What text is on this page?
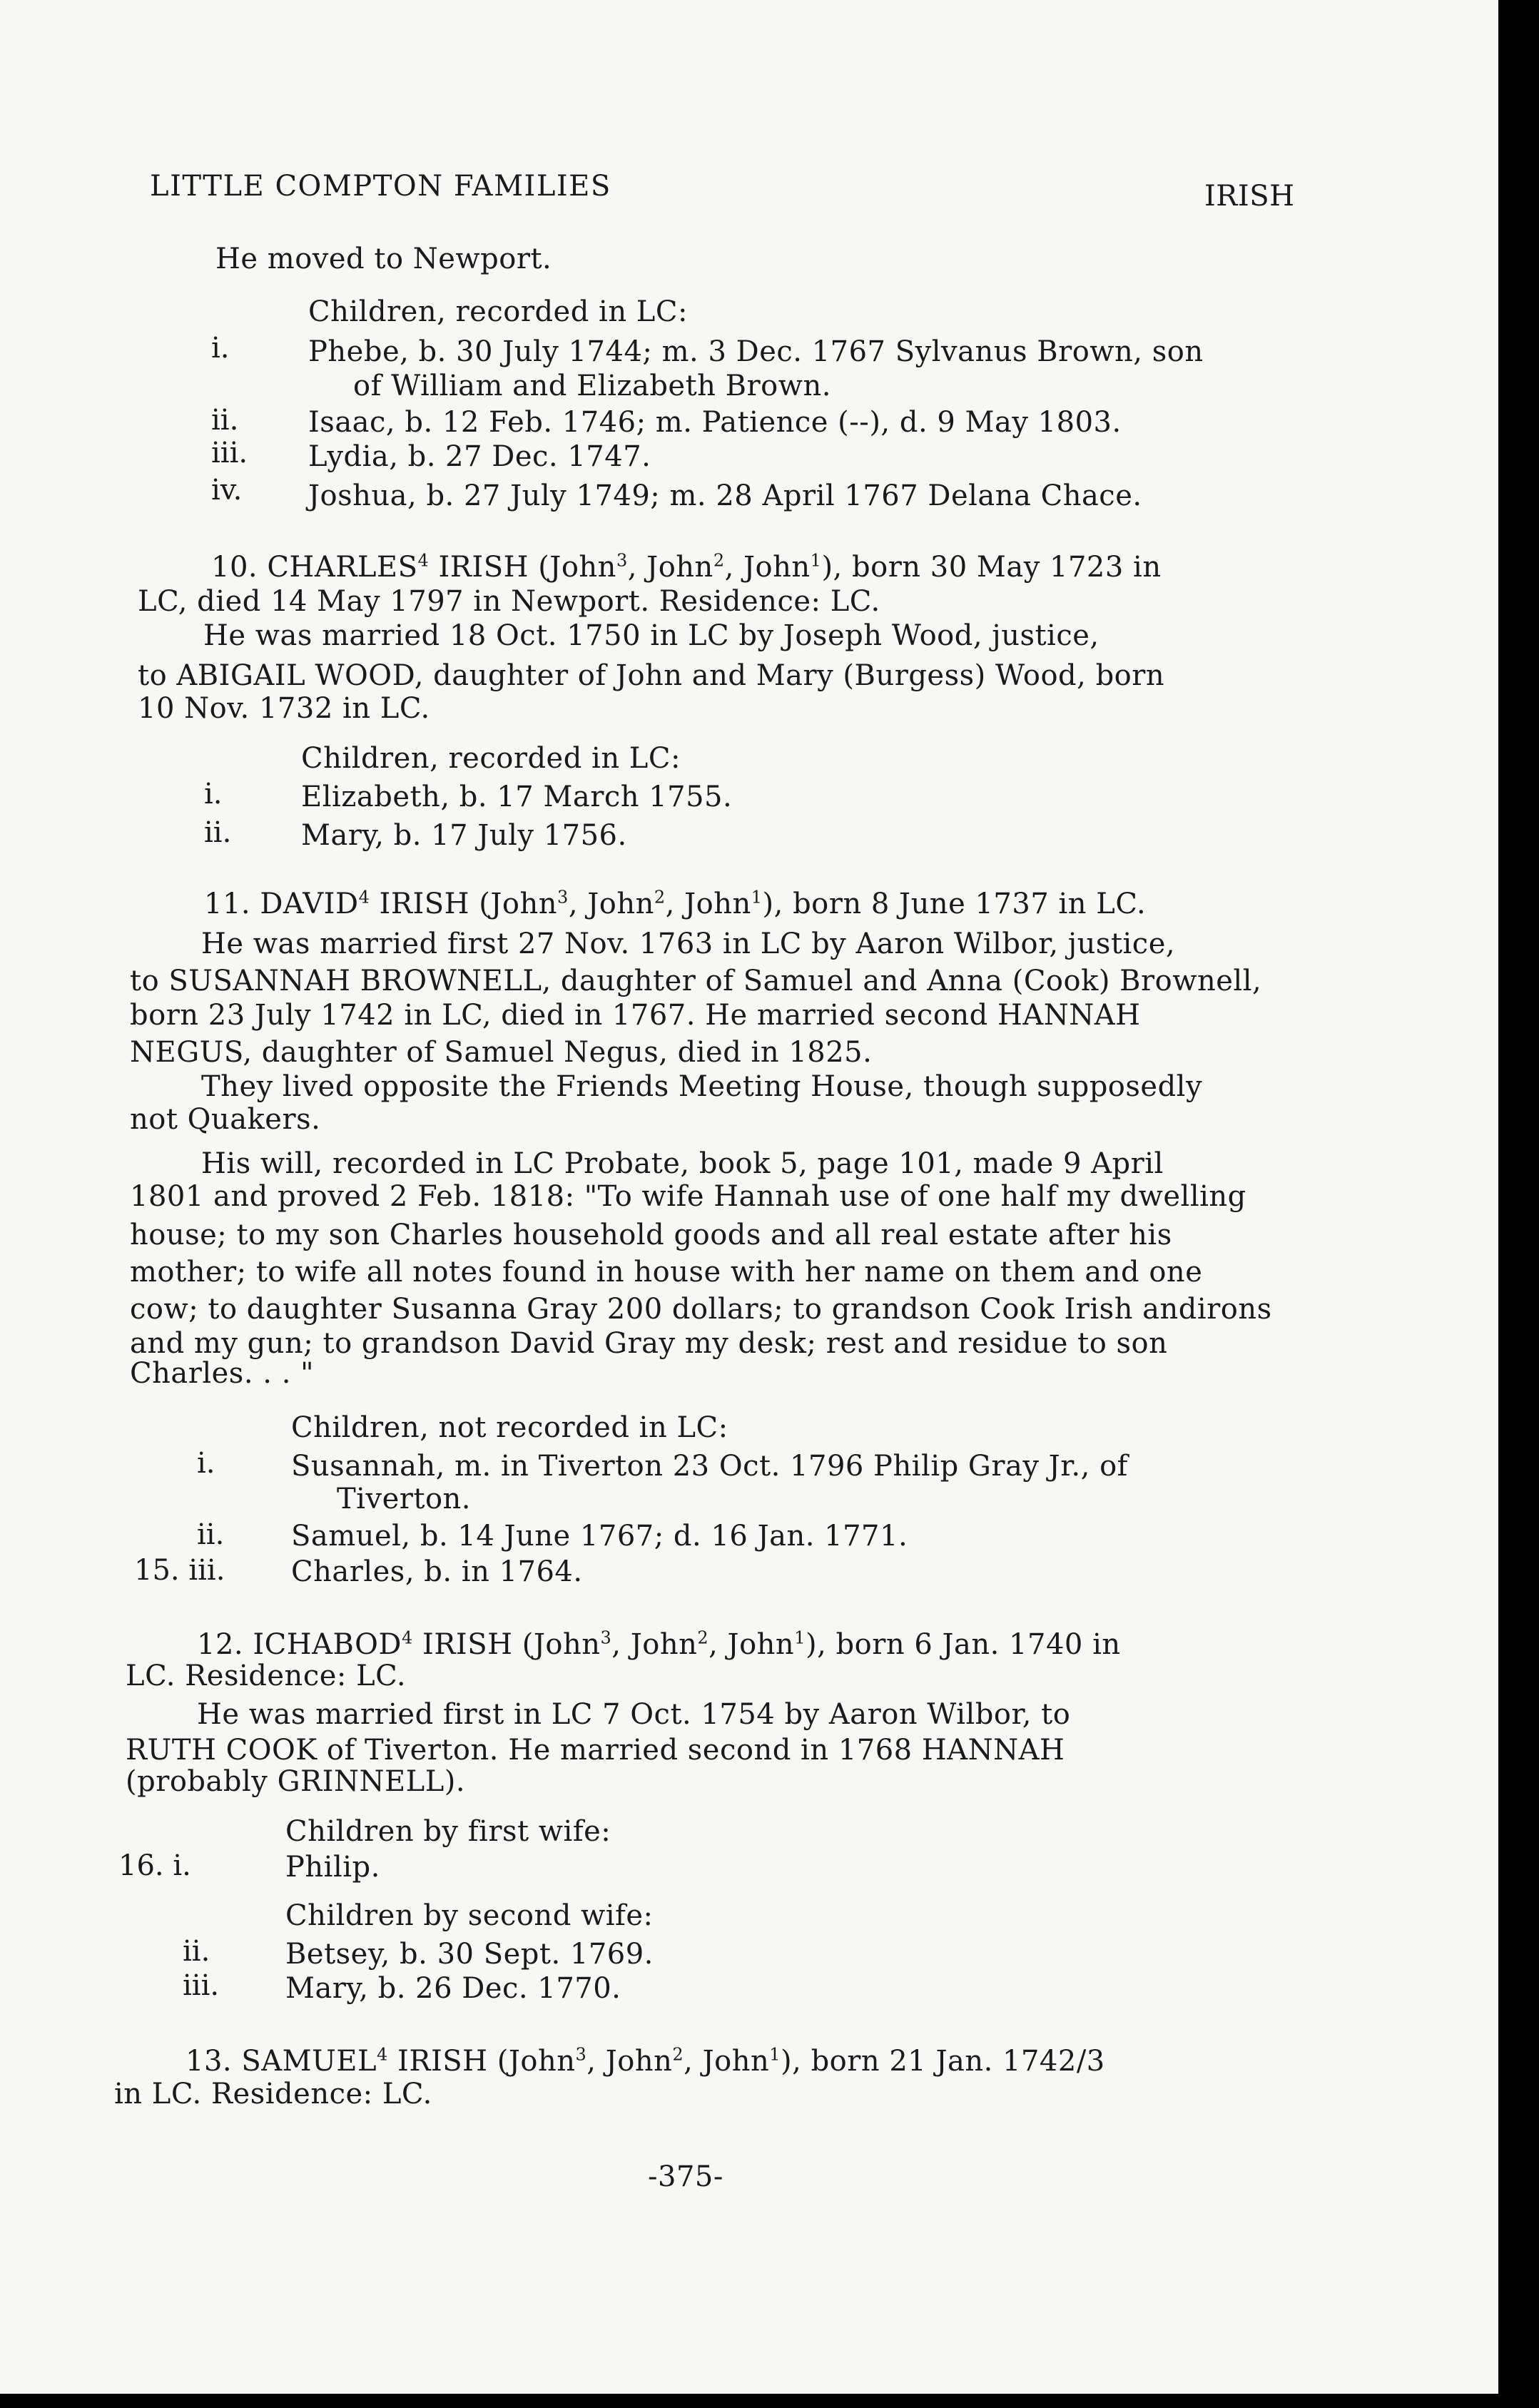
LITTLE COMPTON FAMILIES	IRISH
He moved to Newport.
Children, recorded in LC:
i.	Phebe, b. 30 July 1744; m. 3 Dec. 1767 Sylvanus Brown, son
of William and Elizabeth Brown.
ii. Isaac, b. 12 Feb. 1746; m. Patience (--), d. 9 May 1803.
iii. Lydia, b. 27 Dec. 1747.
iv. Joshua, b. 27 July 1749; m. 28 April 1767 Delana Chace.
10. CHARLES$^4$ IRISH (John$^3$, John$^2$, John$^1$), born 30 May 1723 in
LC, died 14 May 1797 in Newport. Residence: LC.
He was married 18 Oct. 1750 in LC by Joseph Wood, justice,
to ABIGAIL WOOD, daughter of John and Mary (Burgess) Wood, born
10 Nov. 1732 in LC.
Children, recorded in LC:
i.	Elizabeth, b. 17 March 1755.
ii. Mary, b. 17 July 1756.
11. DAVID$^4$ IRISH (John$^3$, John$^2$, John$^1$), born 8 June 1737 in LC.
He was married first 27 Nov. 1763 in LC by Aaron Wilbor, justice,
to SUSANNAH BROWNELL, daughter of Samuel and Anna (Cook) Brownell,
born 23 July 1742 in LC, died in 1767. He married second HANNAH
NEGUS, daughter of Samuel Negus, died in 1825.
They lived opposite the Friends Meeting House, though supposedly
not Quakers.
His will, recorded in LC Probate, book 5, page 101, made 9 April
1801 and proved 2 Feb. 1818: "To wife Hannah use of one half my dwelling
house; to my son Charles household goods and all real estate after his
mother; to wife all notes found in house with her name on them and one
cow; to daughter Susanna Gray 200 dollars; to grandson Cook Irish andirons
and my gun; to grandson David Gray my desk; rest and residue to son
Charles. . . "
Children, not recorded in LC:
i.	Susannah, m. in Tiverton 23 Oct. 1796 Philip Gray Jr., of
Tiverton.
ii. Samuel, b. 14 June 1767; d. 16 Jan. 1771.
15. iii. Charles, b. in 1764.
12. ICHABOD$^4$ IRISH (John$^3$, John$^2$, John$^1$), born 6 Jan. 1740 in
LC. Residence: LC.
He was married first in LC 7 Oct. 1754 by Aaron Wilbor, to
RUTH COOK of Tiverton. He married second in 1768 HANNAH
(probably GRINNELL).
Children by first wife:
16. i.	Philip.
Children by second wife:
ii.	Betsey, b. 30 Sept. 1769.
iii. Mary, b. 26 Dec. 1770.
13. SAMUEL$^4$ IRISH (John$^3$, John$^2$, John$^1$), born 21 Jan. 1742/3
in LC. Residence: LC.
-375-
